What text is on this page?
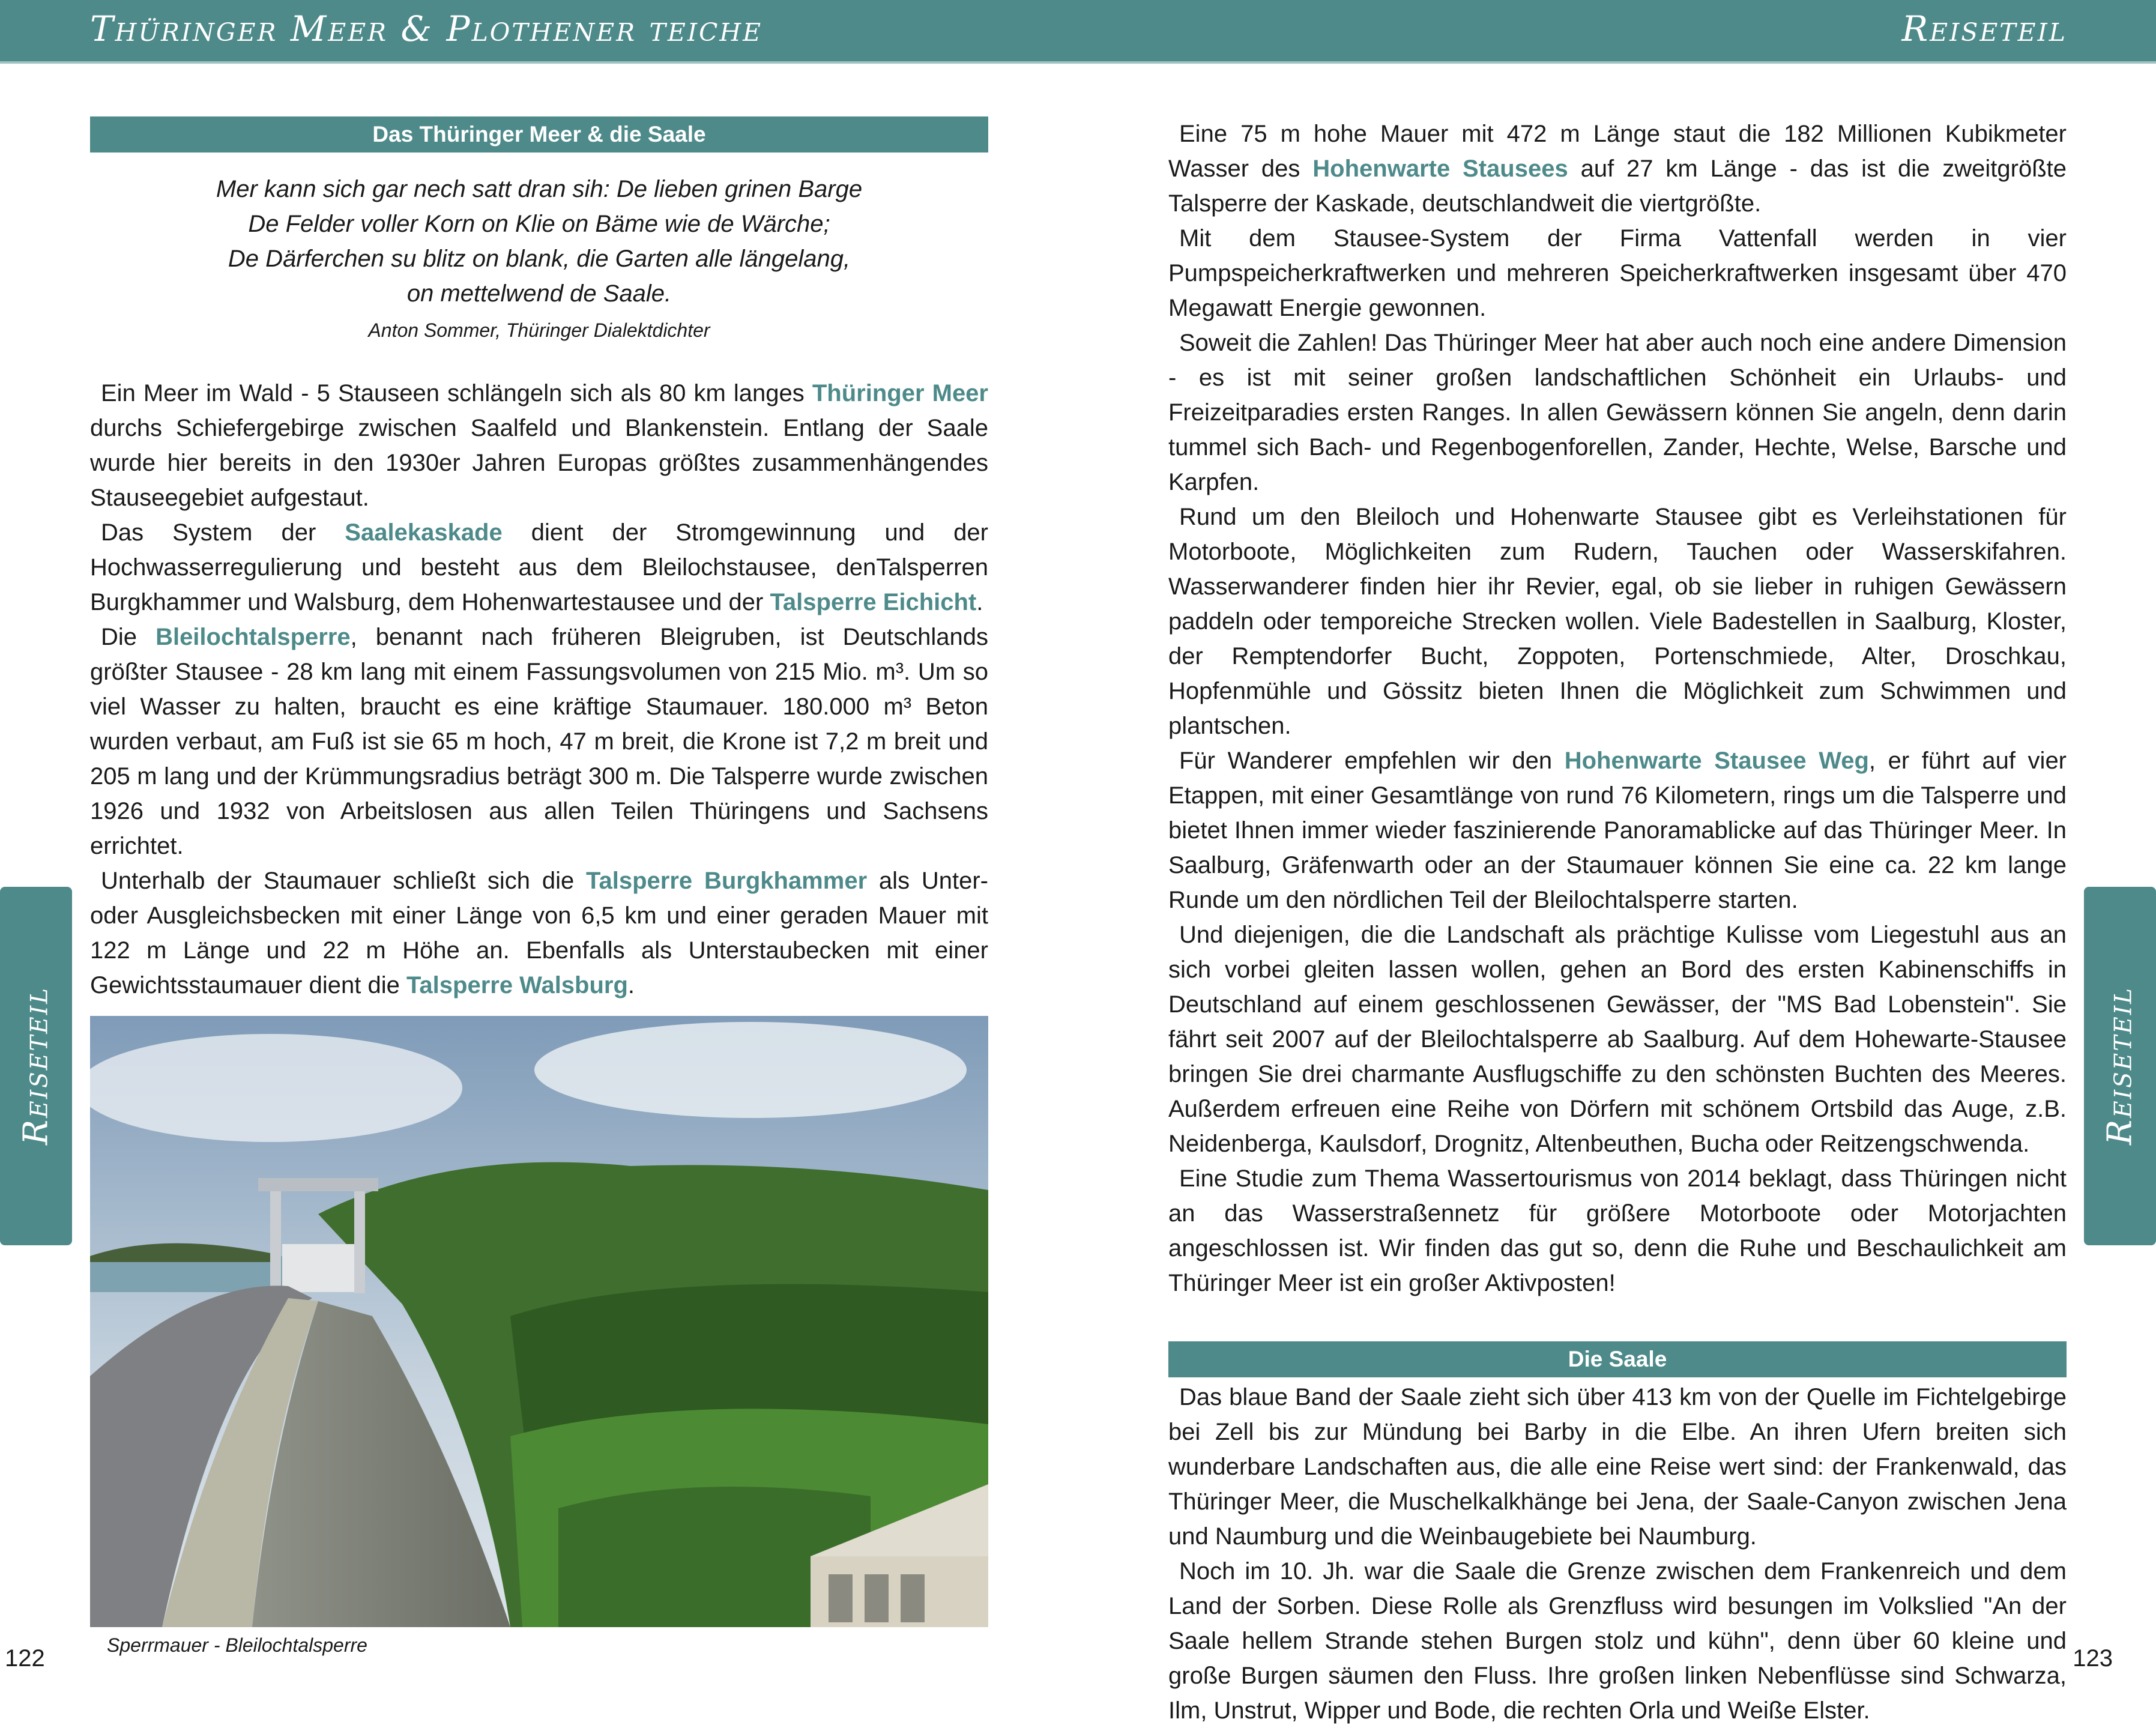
Thüringer Meer & Plothener teiche	Reiseteil
Reiseteil	Reiseteil
Das Thüringer Meer & die Saale
Mer kann sich gar nech satt dran sih: De lieben grinen Barge
De Felder voller Korn on Klie on Bäme wie de Wärche;
De Därferchen su blitz on blank, die Garten alle längelang,
on mettelwend de Saale.
Anton Sommer, Thüringer Dialektdichter

Ein Meer im Wald - 5 Stauseen schlängeln sich als 80 km langes Thüringer Meer durchs Schiefergebirge zwischen Saalfeld und Blankenstein. Entlang der Saale wurde hier bereits in den 1930er Jahren Europas größtes zusammenhängendes Stauseegebiet aufgestaut.

Das System der Saalekaskade dient der Stromgewinnung und der Hochwasserregulierung und besteht aus dem Bleilochstausee, denTalsperren Burgkhammer und Walsburg, dem Hohenwartestausee und der Talsperre Eichicht.

Die Bleilochtalsperre, benannt nach früheren Bleigruben, ist Deutschlands größter Stausee - 28 km lang mit einem Fassungsvolumen von 215 Mio. m³. Um so viel Wasser zu halten, braucht es eine kräftige Staumauer. 180.000 m³ Beton wurden verbaut, am Fuß ist sie 65 m hoch, 47 m breit, die Krone ist 7,2 m breit und 205 m lang und der Krümmungsradius beträgt 300 m. Die Talsperre wurde zwischen 1926 und 1932 von Arbeitslosen aus allen Teilen Thüringens und Sachsens errichtet.

Unterhalb der Staumauer schließt sich die Talsperre Burgkhammer als Unter- oder Ausgleichsbecken mit einer Länge von 6,5 km und einer geraden Mauer mit 122 m Länge und 22 m Höhe an. Ebenfalls als Unterstaubecken mit einer Gewichtsstaumauer dient die Talsperre Walsburg.

Sperrmauer - Bleilochtalsperre

Eine 75 m hohe Mauer mit 472 m Länge staut die 182 Millionen Kubikmeter Wasser des Hohenwarte Stausees auf 27 km Länge - das ist die zweitgrößte Talsperre der Kaskade, deutschlandweit die viertgrößte.

Mit dem Stausee-System der Firma Vattenfall werden in vier Pumpspeicherkraftwerken und mehreren Speicherkraftwerken insgesamt über 470 Megawatt Energie gewonnen.

Soweit die Zahlen! Das Thüringer Meer hat aber auch noch eine andere Dimension - es ist mit seiner großen landschaftlichen Schönheit ein Urlaubs- und Freizeitparadies ersten Ranges. In allen Gewässern können Sie angeln, denn darin tummel sich Bach- und Regenbogenforellen, Zander, Hechte, Welse, Barsche und Karpfen.

Rund um den Bleiloch und Hohenwarte Stausee gibt es Verleihstationen für Motorboote, Möglichkeiten zum Rudern, Tauchen oder Wasserskifahren. Wasserwanderer finden hier ihr Revier, egal, ob sie lieber in ruhigen Gewässern paddeln oder temporeiche Strecken wollen. Viele Badestellen in Saalburg, Kloster, der Remptendorfer Bucht, Zoppoten, Portenschmiede, Alter, Droschkau, Hopfenmühle und Gössitz bieten Ihnen die Möglichkeit zum Schwimmen und plantschen.

Für Wanderer empfehlen wir den Hohenwarte Stausee Weg, er führt auf vier Etappen, mit einer Gesamtlänge von rund 76 Kilometern, rings um die Talsperre und bietet Ihnen immer wieder faszinierende Panoramablicke auf das Thüringer Meer. In Saalburg, Gräfenwarth oder an der Staumauer können Sie eine ca. 22 km lange Runde um den nördlichen Teil der Bleilochtalsperre starten.

Und diejenigen, die die Landschaft als prächtige Kulisse vom Liegestuhl aus an sich vorbei gleiten lassen wollen, gehen an Bord des ersten Kabinenschiffs in Deutschland auf einem geschlossenen Gewässer, der "MS Bad Lobenstein". Sie fährt seit 2007 auf der Bleilochtalsperre ab Saalburg. Auf dem Hohewarte-Stausee bringen Sie drei charmante Ausflugschiffe zu den schönsten Buchten des Meeres. Außerdem erfreuen eine Reihe von Dörfern mit schönem Ortsbild das Auge, z.B. Neidenberga, Kaulsdorf, Drognitz, Altenbeuthen, Bucha oder Reitzengschwenda.

Eine Studie zum Thema Wassertourismus von 2014 beklagt, dass Thüringen nicht an das Wasserstraßennetz für größere Motorboote oder Motorjachten angeschlossen ist. Wir finden das gut so, denn die Ruhe und Beschaulichkeit am Thüringer Meer ist ein großer Aktivposten!

Die Saale

Das blaue Band der Saale zieht sich über 413 km von der Quelle im Fichtelgebirge bei Zell bis zur Mündung bei Barby in die Elbe. An ihren Ufern breiten sich wunderbare Landschaften aus, die alle eine Reise wert sind: der Frankenwald, das Thüringer Meer, die Muschelkalkhänge bei Jena, der Saale-Canyon zwischen Jena und Naumburg und die Weinbaugebiete bei Naumburg.

Noch im 10. Jh. war die Saale die Grenze zwischen dem Frankenreich und dem Land der Sorben. Diese Rolle als Grenzfluss wird besungen im Volkslied "An der Saale hellem Strande stehen Burgen stolz und kühn", denn über 60 kleine und große Burgen säumen den Fluss. Ihre großen linken Nebenflüsse sind Schwarza, Ilm, Unstrut, Wipper und Bode, die rechten Orla und Weiße Elster.

122	123
